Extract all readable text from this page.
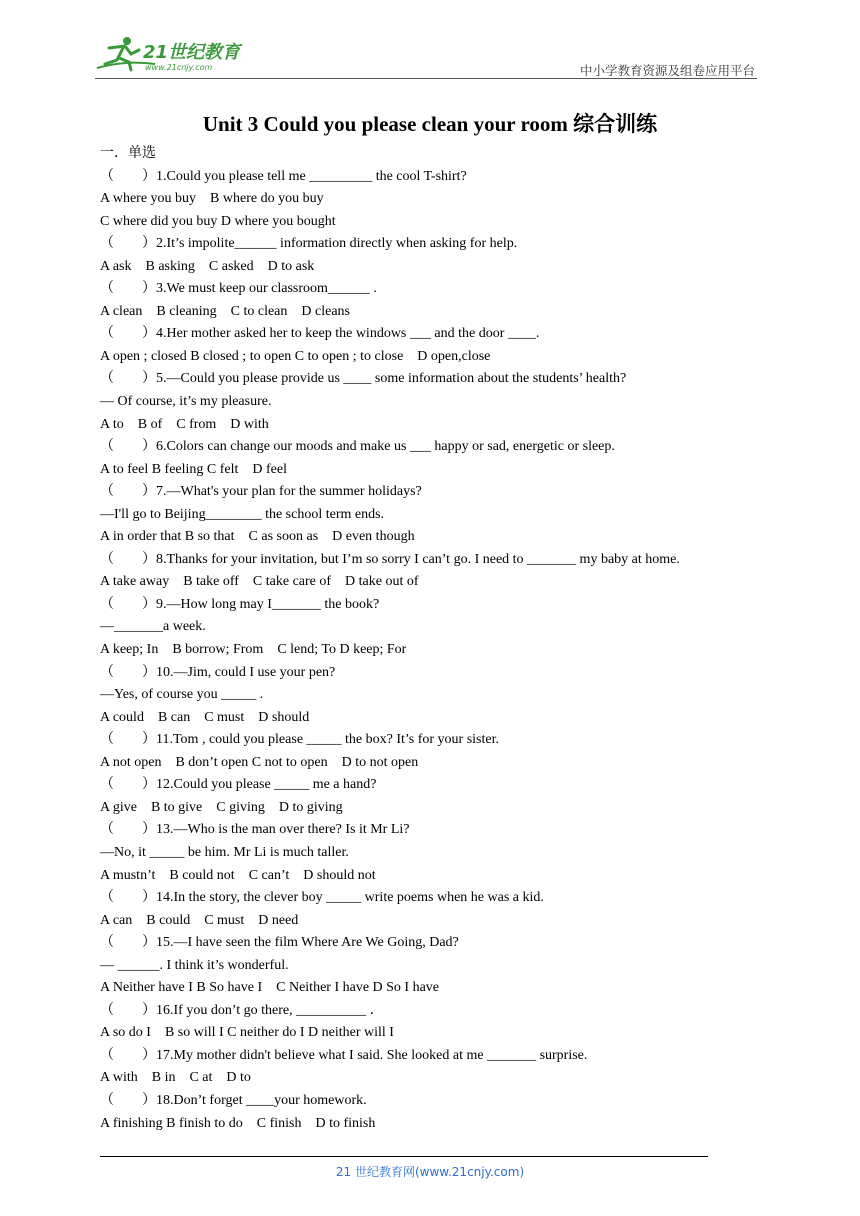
21世纪教育
www.21cnjy.com	中小学教育资源及组卷应用平台
Unit 3 Could you please clean your room 综合训练
一．单选
（　　）1.Could you please tell me _________ the cool T-shirt?
A where you buy    B where do you buy
C where did you buy D where you bought
（　　）2.It’s impolite______ information directly when asking for help.
A ask    B asking    C asked    D to ask
（　　）3.We must keep our classroom______ .
A clean    B cleaning    C to clean    D cleans
（　　）4.Her mother asked her to keep the windows ___ and the door ____.
A open ; closed B closed ; to open C to open ; to close    D open,close
（　　）5.—Could you please provide us ____ some information about the students’ health?
— Of course, it’s my pleasure.
A to    B of    C from    D with
（　　）6.Colors can change our moods and make us ___ happy or sad, energetic or sleep.
A to feel B feeling C felt    D feel
（　　）7.—What's your plan for the summer holidays?
—I'll go to Beijing________ the school term ends.
A in order that B so that    C as soon as    D even though
（　　）8.Thanks for your invitation, but I’m so sorry I can’t go. I need to _______ my baby at home.
A take away    B take off    C take care of    D take out of
（　　）9.—How long may I_______ the book?
—_______a week.
A keep; In    B borrow; From    C lend; To D keep; For
（　　）10.—Jim, could I use your pen?
—Yes, of course you _____ .
A could    B can    C must    D should
（　　）11.Tom , could you please _____ the box? It’s for your sister.
A not open    B don’t open C not to open    D to not open
（　　）12.Could you please _____ me a hand?
A give    B to give    C giving    D to giving
（　　）13.—Who is the man over there? Is it Mr Li?
—No, it _____ be him. Mr Li is much taller.
A mustn’t    B could not    C can’t    D should not
（　　）14.In the story, the clever boy _____ write poems when he was a kid.
A can    B could    C must    D need
（　　）15.—I have seen the film Where Are We Going, Dad?
— ______. I think it’s wonderful.
A Neither have I B So have I    C Neither I have D So I have
（　　）16.If you don’t go there, __________ ．
A so do I    B so will I C neither do I D neither will I
（　　）17.My mother didn't believe what I said. She looked at me _______ surprise.
A with    B in    C at    D to
（　　）18.Don’t forget ____your homework.
A finishing B finish to do    C finish    D to finish
21 世纪教育网(www.21cnjy.com)
